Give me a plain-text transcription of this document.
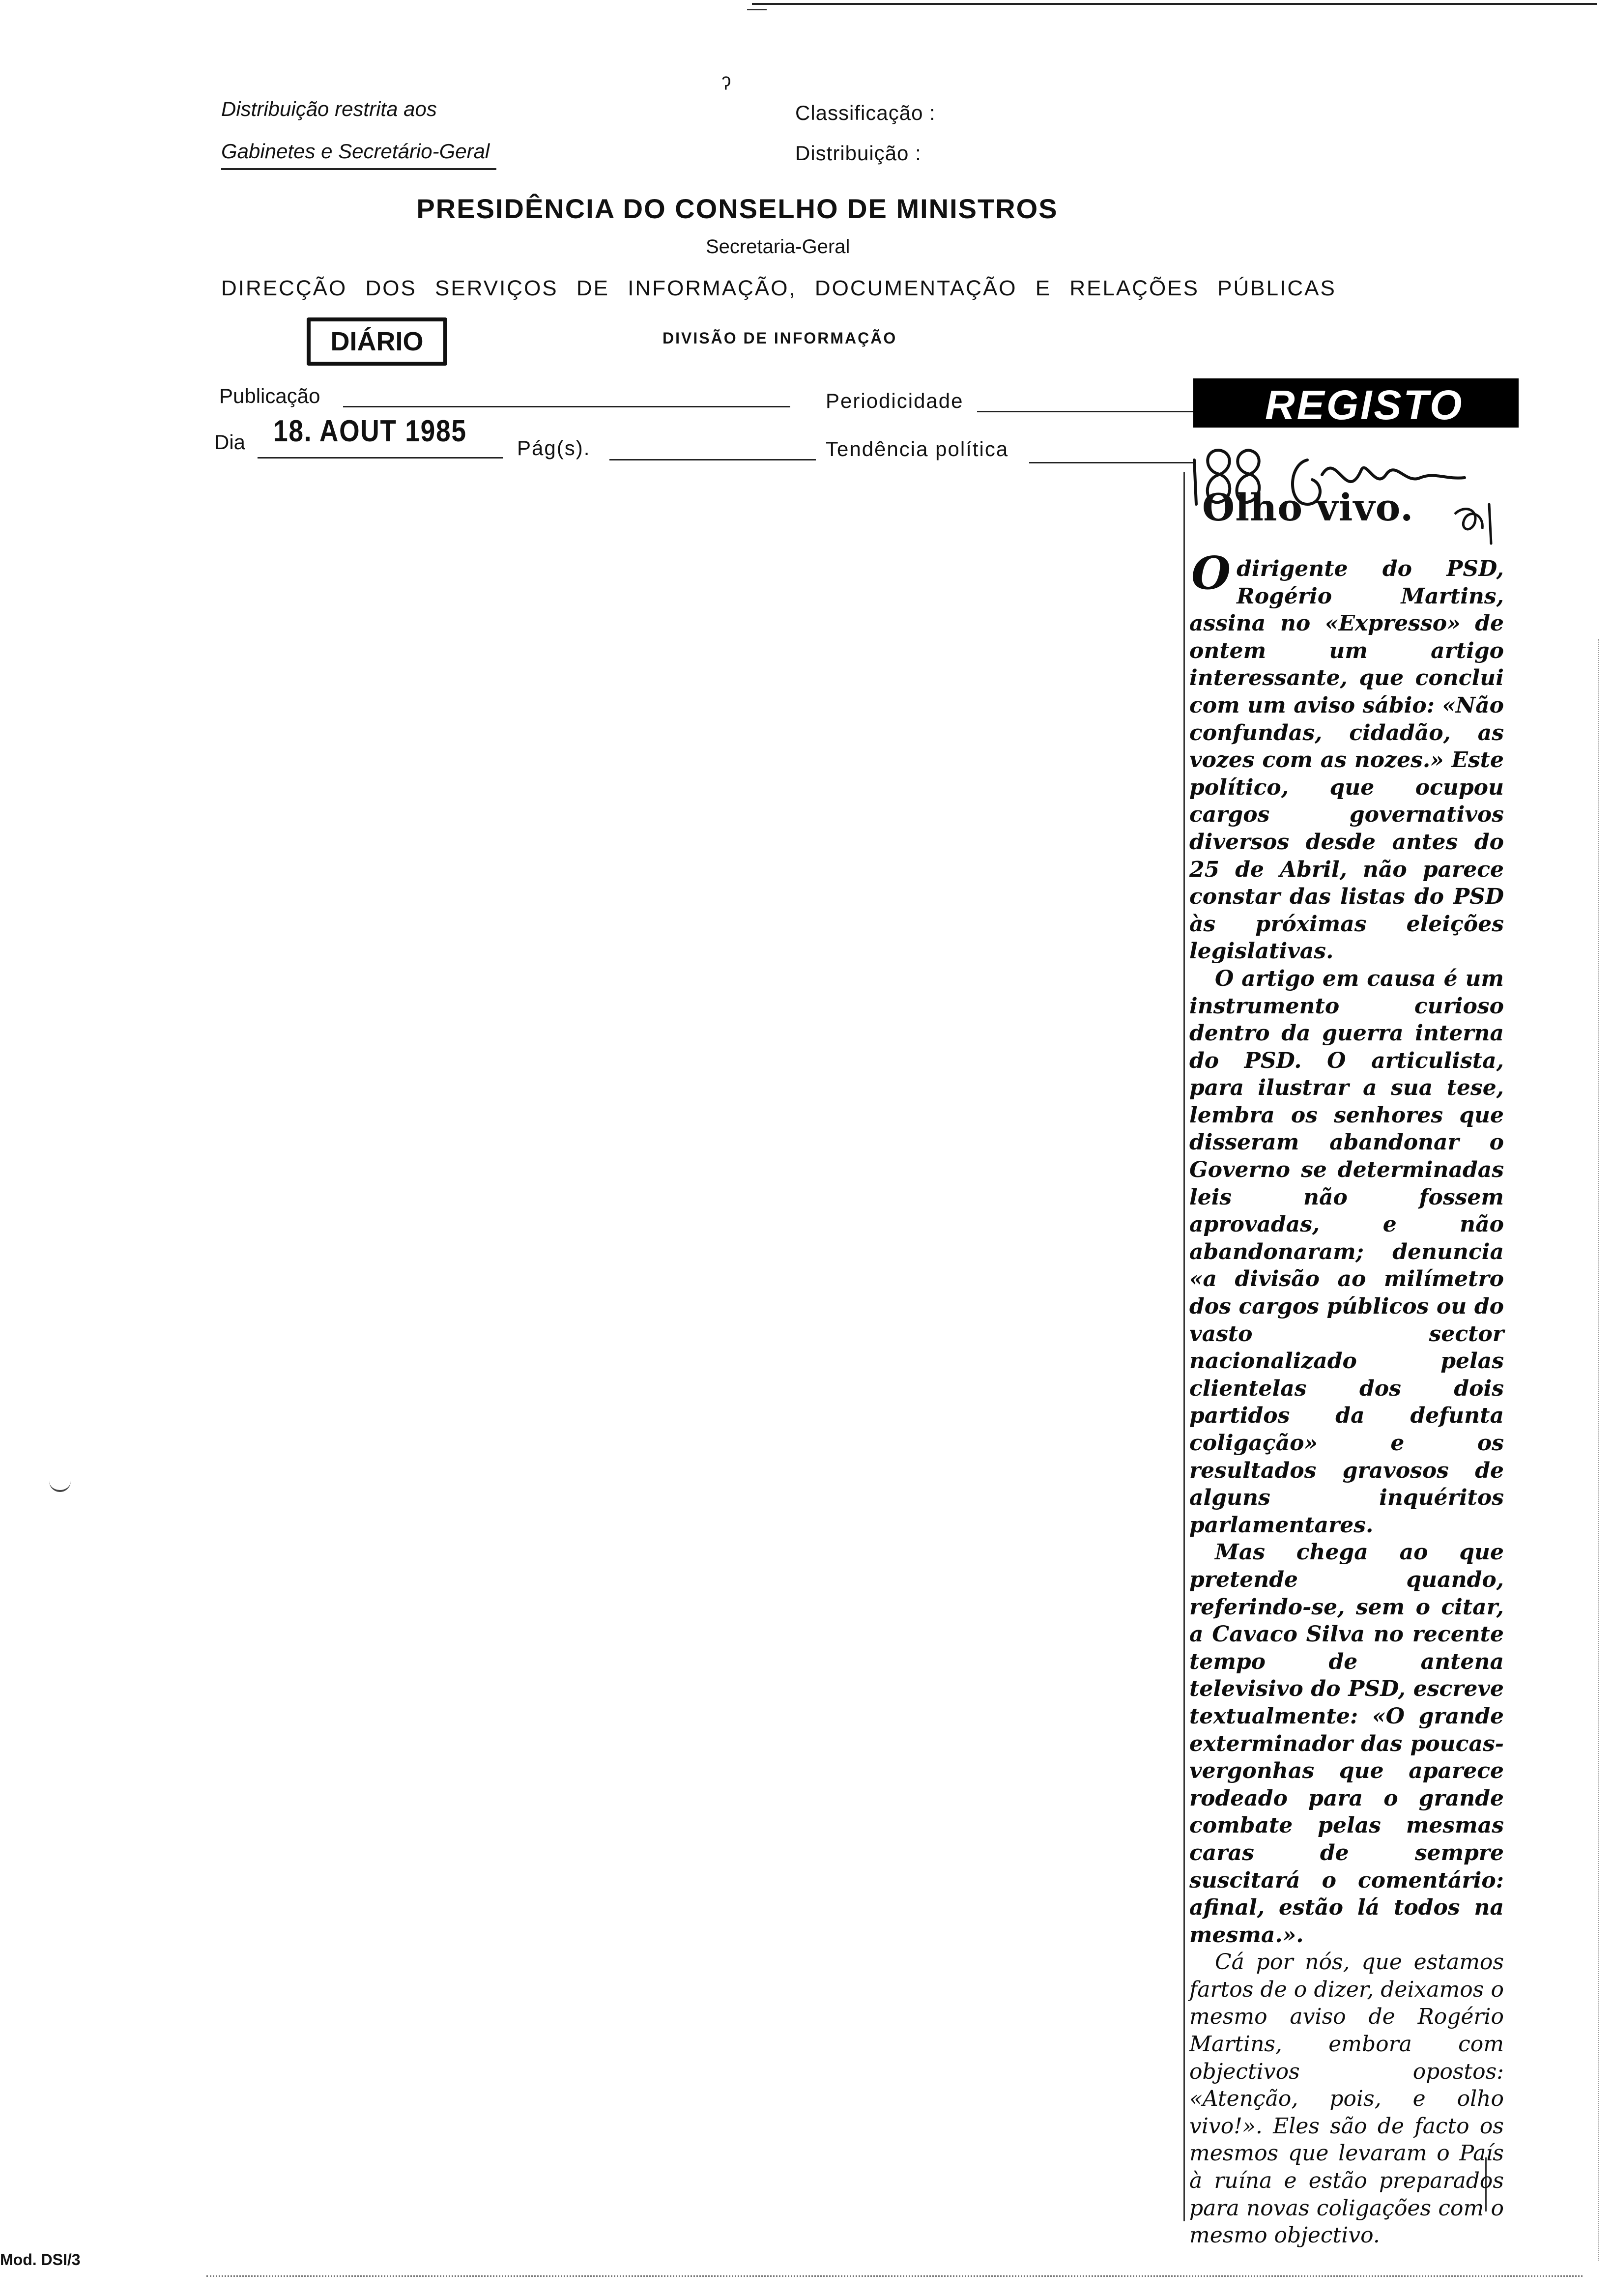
ˀ
Distribuição restrita aos
Gabinetes e Secretário-Geral
Classificação :
Distribuição :
PRESIDÊNCIA DO CONSELHO DE MINISTROS
Secretaria-Geral
DIRECÇÃO DOS SERVIÇOS DE INFORMAÇÃO, DOCUMENTAÇÃO E RELAÇÕES PÚBLICAS
DIÁRIO	DIVISÃO DE INFORMAÇÃO
Publicação	Periodicidade
Dia 18. AOUT 1985 Pág(s).	Tendência política
REGISTO
Olho vivo.

Odirigente do PSD, Rogério Martins, assina no «Expresso» de ontem um artigo interessante, que conclui com um aviso sábio: «Não confundas, cidadão, as vozes com as nozes.» Este político, que ocupou cargos governativos diversos desde antes do 25 de Abril, não parece constar das listas do PSD às próximas eleições legislativas.

O artigo em causa é um instrumento curioso dentro da guerra interna do PSD. O articulista, para ilustrar a sua tese, lembra os senhores que disseram abandonar o Governo se determinadas leis não fossem aprovadas, e não abandonaram; denuncia «a divisão ao milímetro dos cargos públicos ou do vasto sector nacionalizado pelas clientelas dos dois partidos da defunta coligação» e os resultados gravosos de alguns inquéritos parlamentares.

Mas chega ao que pretende quando, referindo-se, sem o citar, a Cavaco Silva no recente tempo de antena televisivo do PSD, escreve textualmente: «O grande exterminador das poucas-vergonhas que aparece rodeado para o grande combate pelas mesmas caras de sempre suscitará o comentário: afinal, estão lá todos na mesma.».

Cá por nós, que estamos fartos de o dizer, deixamos o mesmo aviso de Rogério Martins, embora com objectivos opostos: «Atenção, pois, e olho vivo!». Eles são de facto os mesmos que levaram o País à ruína e estão preparados para novas coligações com o mesmo objectivo.

Mod. DSI/3
